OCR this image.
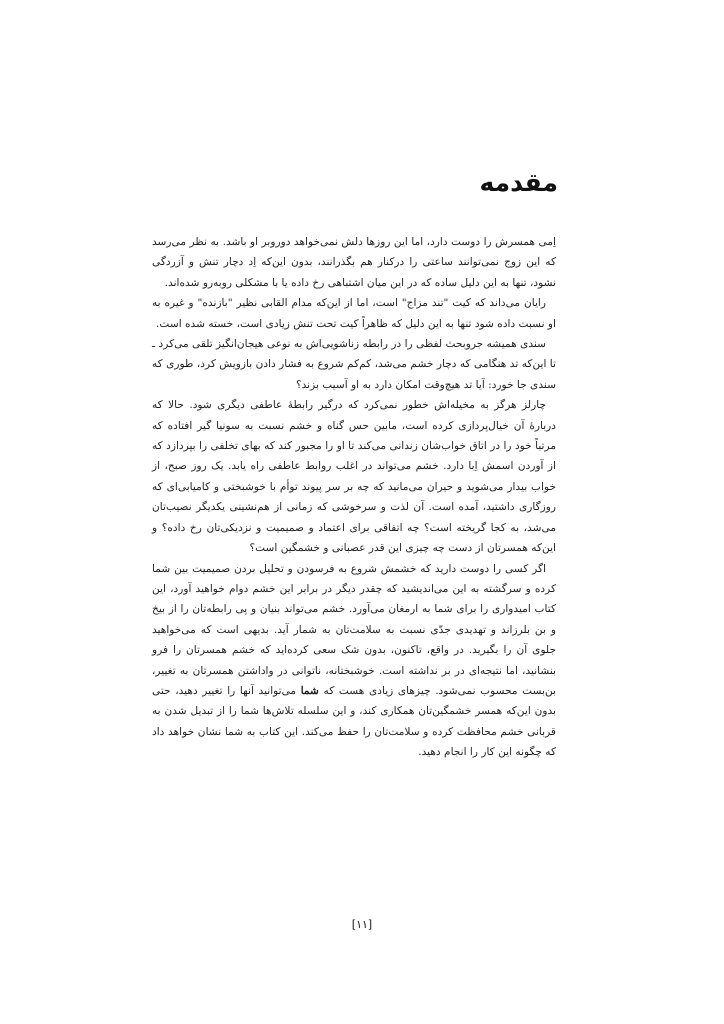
مقدمه

اِمی همسرش را دوست دارد، اما این روزها دلش نمی‌خواهد دوروبر او باشد. به نظر می‌رسد که این زوج نمی‌توانند ساعتی را درکنار هم بگذرانند، بدون این‌که اِد دچار تنش و آزردگی نشود، تنها به این دلیل ساده که در این میان اشتباهی رخ داده یا با مشکلی روبه‌رو شده‌اند.

رایان می‌داند که کیت "تند مزاج" است، اما از این‌که مدام القابی نظیر "بازنده" و غیره به او نسبت داده شود تنها به این دلیل که ظاهراً کیت تحت تنش زیادی است، خسته شده است.

سندی همیشه جروبحث لفظی را در رابطه زناشویی‌اش به نوعی هیجان‌انگیز تلقی می‌کرد ـ تا این‌که تد هنگامی که دچار خشم می‌شد، کم‌کم شروع به فشار دادن بازویش کرد، طوری که سندی جا خورد: آیا تد هیچ‌وقت امکان دارد به او آسیب بزند؟

چارلز هرگز به مخیله‌اش خطور نمی‌کرد که درگیر رابطهٔ عاطفی دیگری شود. حالا که دربارهٔ آن خیال‌پردازی کرده است، مابین حس گناه و خشم نسبت به سونیا گیر افتاده که مرتباً خود را در اتاق خواب‌شان زندانی می‌کند تا او را مجبور کند که بهای تخلفی را بپردازد که از آوردن اسمش اِبا دارد. خشم می‌تواند در اغلب روابط عاطفی راه یابد. یک روز صبح، از خواب بیدار می‌شوید و حیران می‌مانید که چه بر سر پیوند توأم با خوشبختی و کامیابی‌ای که روزگاری داشتید، آمده است. آن لذت و سرخوشی که زمانی از هم‌نشینی یکدیگر نصیب‌تان می‌شد، به کجا گریخته است؟ چه اتفاقی برای اعتماد و صمیمیت و نزدیکی‌تان رخ داده؟ و این‌که همسرتان از دست چه چیزی این قدر عصبانی و خشمگین است؟

اگر کسی را دوست دارید که خشمش شروع به فرسودن و تحلیل بردن صمیمیت بین شما کرده و سرگشته به این می‌اندیشید که چقدر دیگر در برابر این خشم دوام خواهید آورد، این کتاب امیدواری را برای شما به ارمغان می‌آورد. خشم می‌تواند بنیان و پی رابطه‌تان را از بیخ و بن بلرزاند و تهدیدی جدّی نسبت به سلامت‌تان به شمار آید. بدیهی است که می‌خواهید جلوی آن را بگیرید. در واقع، تاکنون، بدون شک سعی کرده‌اید که خشم همسرتان را فرو بنشانید، اما نتیجه‌ای در بر نداشته است. خوشبختانه، ناتوانی در واداشتن همسرتان به تغییر، بن‌بست محسوب نمی‌شود. چیزهای زیادی هست که شما می‌توانید آنها را تغییر دهید، حتی بدون این‌که همسر خشمگین‌تان همکاری کند، و این سلسله تلاش‌ها شما را از تبدیل شدن به قربانی خشم محافظت کرده و سلامت‌تان را حفظ می‌کند. این کتاب به شما نشان خواهد داد که چگونه این کار را انجام دهید.

[۱۱]
